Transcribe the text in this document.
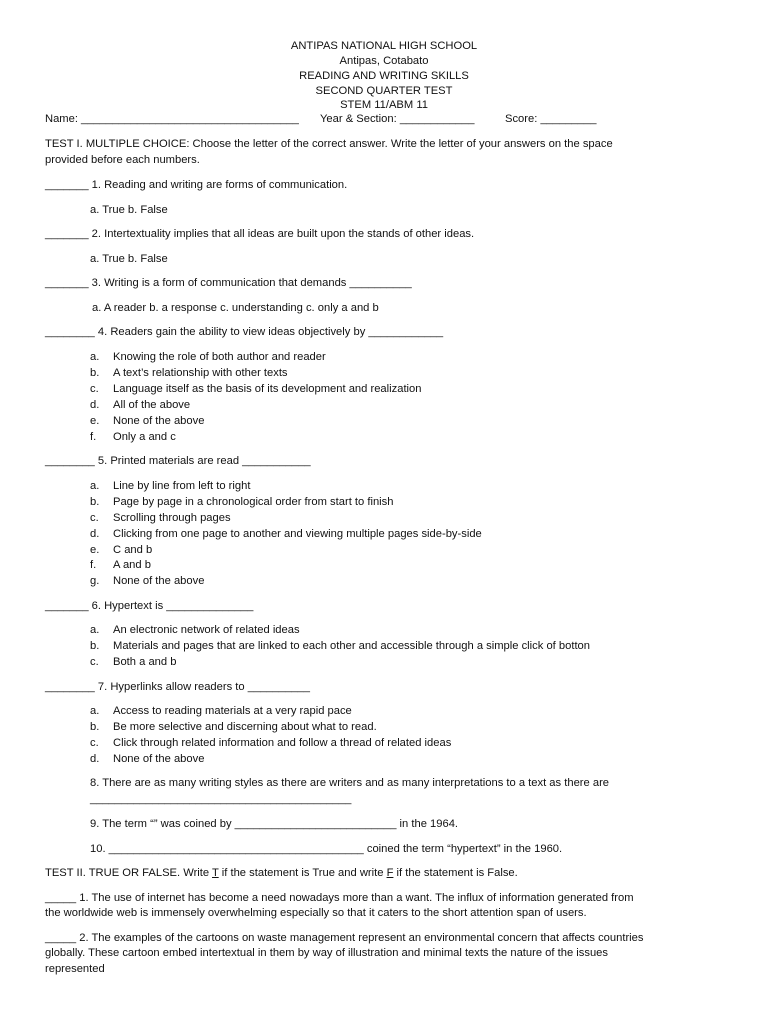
ANTIPAS NATIONAL HIGH SCHOOL
Antipas, Cotabato
READING AND WRITING SKILLS
SECOND QUARTER TEST
STEM 11/ABM 11
Name: ___________________________________ Year & Section: ____________	Score: _________
TEST I. MULTIPLE CHOICE: Choose the letter of the correct answer. Write the letter of your answers on the space
provided before each numbers.
_______ 1. Reading and writing are forms of communication.
a. True b. False
_______ 2. Intertextuality implies that all ideas are built upon the stands of other ideas.
a. True b. False
_______ 3. Writing is a form of communication that demands __________
a. A reader b. a response c. understanding c. only a and b
________ 4. Readers gain the ability to view ideas objectively by ____________
a. Knowing the role of both author and reader
b. A text’s relationship with other texts
c. Language itself as the basis of its development and realization
d. All of the above
e. None of the above
f. Only a and c
________ 5. Printed materials are read ___________
a. Line by line from left to right
b. Page by page in a chronological order from start to finish
c. Scrolling through pages
d. Clicking from one page to another and viewing multiple pages side-by-side
e. C and b
f. A and b
g. None of the above
_______ 6. Hypertext is ______________
a. An electronic network of related ideas
b. Materials and pages that are linked to each other and accessible through a simple click of botton
c. Both a and b
________ 7. Hyperlinks allow readers to __________
a. Access to reading materials at a very rapid pace
b. Be more selective and discerning about what to read.
c. Click through related information and follow a thread of related ideas
d. None of the above
8. There are as many writing styles as there are writers and as many interpretations to a text as there are
__________________________________________
9. The term “” was coined by __________________________ in the 1964.
10. _________________________________________ coined the term “hypertext” in the 1960.
TEST II. TRUE OR FALSE. Write T if the statement is True and write F if the statement is False.
_____ 1. The use of internet has become a need nowadays more than a want. The influx of information generated from
the worldwide web is immensely overwhelming especially so that it caters to the short attention span of users.
_____ 2. The examples of the cartoons on waste management represent an environmental concern that affects countries
globally. These cartoon embed intertextual in them by way of illustration and minimal texts the nature of the issues
represented
